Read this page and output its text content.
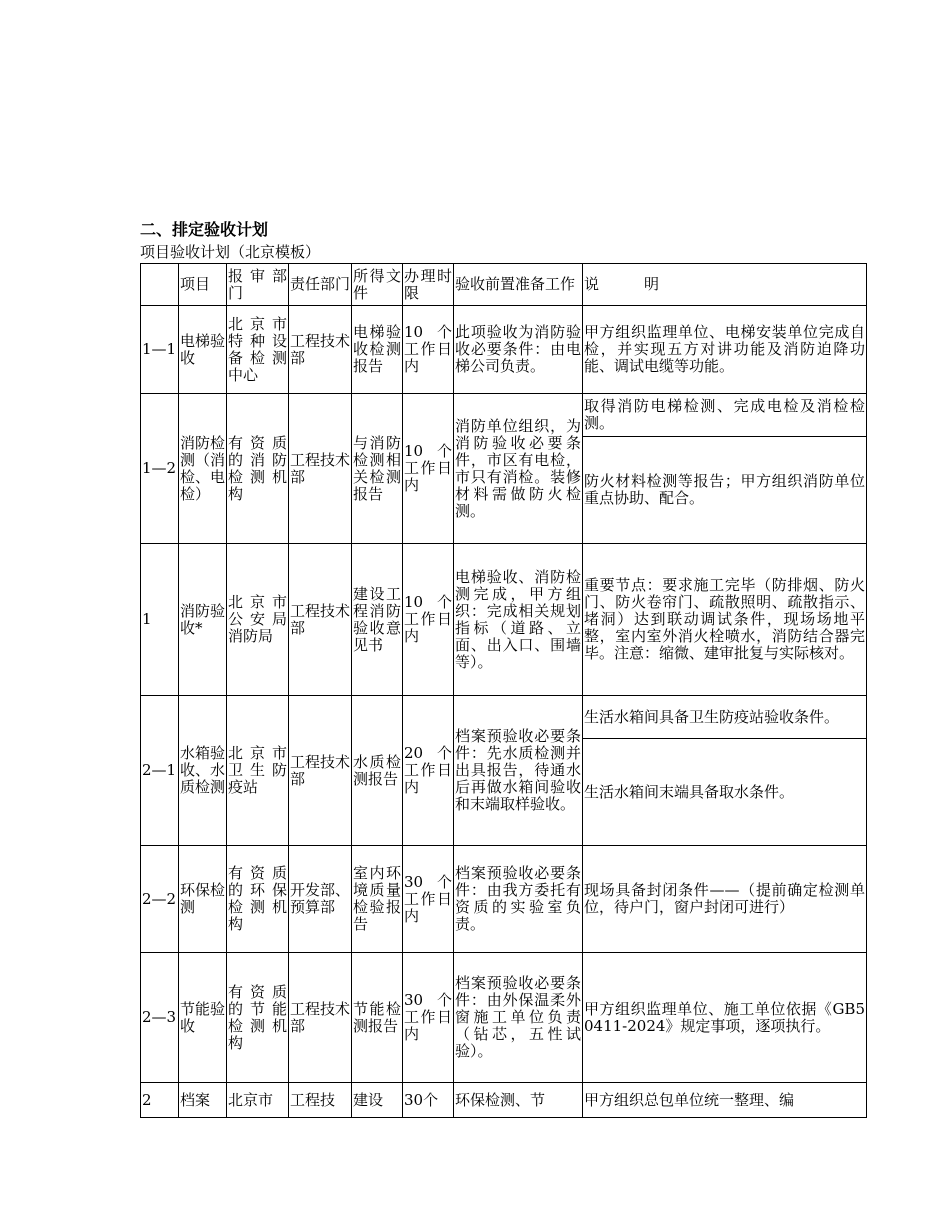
二、排定验收计划
项目验收计划（北京模板）
	项目	报审部门	责任部门	所得文件	办理时限	验收前置准备工作	说　　　明
1—1	电梯验收	北京市特种设备检测中心	工程技术部	电梯验收检测报告	10个工作日内	此项验收为消防验收必要条件：由电梯公司负责。	甲方组织监理单位、电梯安装单位完成自检，并实现五方对讲功能及消防迫降功能、调试电缆等功能。
1—2	消防检测（消检、电检）	有资质的消防检测机构	工程技术部	与消防检测相关检测报告	10个工作日内	消防单位组织，为消防验收必要条件，市区有电检，市只有消检。装修材料需做防火检测。	取得消防电梯检测、完成电检及消检检测。
							防火材料检测等报告；甲方组织消防单位重点协助、配合。
1	消防验收*	北京市公安局消防局	工程技术部	建设工程消防验收意见书	10个工作日内	电梯验收、消防检测完成，甲方组织：完成相关规划指标（道路、立面、出入口、围墙等）。	重要节点：要求施工完毕（防排烟、防火门、防火卷帘门、疏散照明、疏散指示、堵洞）达到联动调试条件，现场场地平整，室内室外消火栓喷水，消防结合器完毕。注意：缩微、建审批复与实际核对。
2—1	水箱验收、水质检测	北京市卫生防疫站	工程技术部	水质检测报告	20个工作日内	档案预验收必要条件：先水质检测并出具报告，待通水后再做水箱间验收和末端取样验收。	生活水箱间具备卫生防疫站验收条件。
							生活水箱间末端具备取水条件。
2—2	环保检测	有资质的环保检测机构	开发部、预算部	室内环境质量检验报告	30个工作日内	档案预验收必要条件：由我方委托有资质的实验室负责。	现场具备封闭条件——（提前确定检测单位，待户门，窗户封闭可进行）
2—3	节能验收	有资质的节能检测机构	工程技术部	节能检测报告	30个工作日内	档案预验收必要条件：由外保温柔外窗施工单位负责（钻芯，五性试验）。	甲方组织监理单位、施工单位依据《GB50411-2024》规定事项，逐项执行。
2	档案	北京市	工程技	建设	30个	环保检测、节	甲方组织总包单位统一整理、编
